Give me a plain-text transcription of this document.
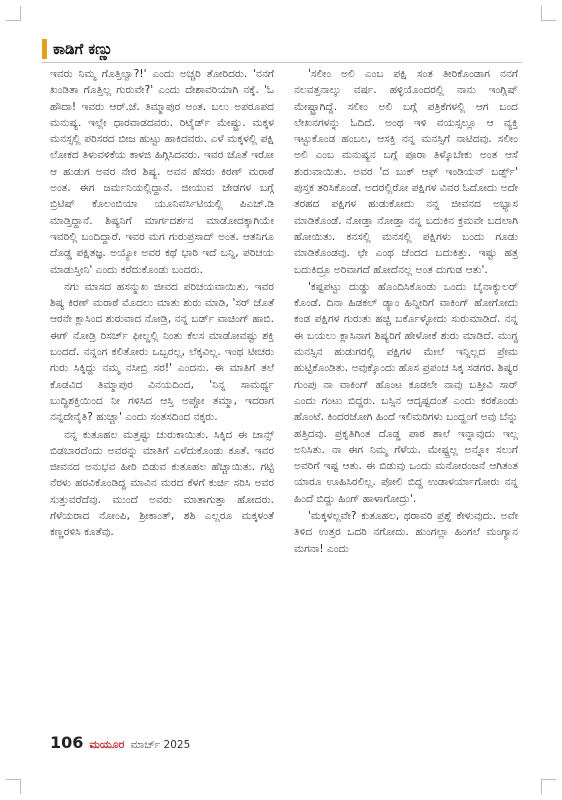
ಕಾಡಿಗೆ ಕಣ್ಣು

ಇವರು ನಿಮ್ಮ ಗೊತ್ತಿಲ್ವಾ?!' ಎಂದು ಅಚ್ಚರಿ ತೋರಿದರು. 'ನನಗೆ ಖಂಡಿತಾ ಗೊತ್ತಿಲ್ಲ ಗುರುವೇ?' ಎಂದು ದೇಶಾವರಿಯಾಗಿ ನಕ್ಕೆ. 'ಓ ಹೌದಾ! ಇವರು ಆರ್.ಜೆ. ತಿಮ್ಮಾಪುರ ಅಂತ. ಬಲು ಅಪರೂಪದ ಮನುಷ್ಯ. ಇಲ್ಲೇ ಧಾರವಾಡದವರು. ರಿಟೈರ್ಡ್ ಮೇಷ್ಟ್ರು. ಮಕ್ಕಳ ಮನಸ್ಸಲ್ಲಿ ಪರಿಸರದ ಬೀಜ ಹುಟ್ಟು ಹಾಕಿದವರು. ಎಳೆ ಮಕ್ಕಳಲ್ಲಿ ಪಕ್ಷಿ ಲೋಕದ ತಿಳುವಳಿಕೆಯ ಕಾಳಜಿ ಹಿಗ್ಗಿಸಿದವರು. ಇವರ ಜೊತೆ ಇರೋ ಆ ಹುಡುಗ ಅವರ ನೇರ ಶಿಷ್ಯ. ಅವನ ಹೆಸರು ಕಿರಣ್ ಮರಾಠೆ ಅಂತ. ಈಗ ಜರ್ಮನಿಯಲ್ಲಿದ್ದಾನೆ. ಜೀಯುವ ಜೇಡಗಳ ಬಗ್ಗೆ ಬ್ರಿಟಿಷ್ ಕೊಲಂಬಿಯಾ ಯೂನಿವರ್ಸಿಟಿಯಲ್ಲಿ ಪಿಎಚ್.ಡಿ ಮಾಡ್ತಿದ್ದಾನೆ. ಶಿಷ್ಯನಿಗೆ ಮಾರ್ಗದರ್ಶನ ಮಾಡೋದಕ್ಕಾಗಿಯೇ ಇವರಿಲ್ಲಿ ಬಂದಿದ್ದಾರೆ. ಇವರ ಮಗ ಗುರುಪ್ರಸಾದ್ ಅಂತ. ಆತನಿಗೂ ದೊಡ್ಡ ಪಕ್ಷಿತಜ್ಞ. ಅಯ್ಯೋ ಅವರ ಕಥೆ ಭಾರಿ ಇದೆ ಬನ್ನಿ, ಪರಿಚಯ ಮಾಡುಸ್ತೀನಿ' ಎಂದು ಕರೆದುಕೊಂಡು ಬಂದರು.

ನಗು ಮಾಸದ ಹಸನ್ಮುಖ ಜೀವದ ಪರಿಚಯವಾಯಿತು. ಇವರ ಶಿಷ್ಯ ಕಿರಣ್ ಮರಾಠೆ ಮೊದಲು ಮಾತು ಶುರು ಮಾಡಿ, 'ಸರ್ ಜೊತೆ ಆರನೇ ಕ್ಲಾಸಿಂದ ಶುರುವಾದ ನೋಡ್ರಿ, ನನ್ನ ಬರ್ಡ್ ವಾಚಿಂಗ್ ಹಾಬಿ. ಈಗ್ ನೋಡ್ರಿ ರಿಸರ್ಚ್ ಫೀಲ್ಡಲ್ಲಿ ನಿಂತು ಕೆಲಸ ಮಾಡೋವಷ್ಟು ಶಕ್ತಿ ಬಂದದೆ. ನನ್ನಂಗ ಕಲಿತೋರು ಒಬ್ಬರಲ್ಲ, ಲೆಕ್ಕವಿಲ್ಲ. ಇಂಥ ಟೀಚರು ಗುರು ಸಿಕ್ಕಿದ್ದು ನಮ್ಮ ನಸೀಬ್ರಿ ಸರ!' ಎಂದನು. ಈ ಮಾತಿಗೆ ತಲೆ ಕೊಡವಿದ ತಿಮ್ಮಾಪುರ ವಿನಯದಿಂದ, 'ನಿನ್ನ ಸಾಮರ್ಥ್ಯ ಬುದ್ಧಿಶಕ್ತಿಯಿಂದ ನೀ ಗಳಿಸಿದ ಆಸ್ತಿ ಅಪ್ಪೋ ತಮ್ಮಾ, ಇದರಾಗ ನನ್ನದೇನೈತಿ? ಹುಚ್ಚಾ' ಎಂದು ಸಂತಸದಿಂದ ನಕ್ಕರು.

ನನ್ನ ಕುತೂಹಲ ಮತ್ತಷ್ಟು ಚುರುಕಾಯಿತು. ಸಿಕ್ಕಿದ ಈ ಚಾನ್ಸ್ ಬಿಡಬಾರದೆಂದು ಅವರನ್ನು ಮಾತಿಗೆ ಎಳೆದುಕೊಂಡು ಕೂತೆ. ಇವರ ಜೀವನದ ಅನುಭವ ಹೀರಿ ಬಿಡುವ ಕುತೂಹಲ ಹೆಚ್ಚಾಯಿತು. ಗಟ್ಟಿ ನೆರಳು ಹರವಿಕೊಂಡಿದ್ದ ಮಾವಿನ ಮರದ ಕೆಳಗೆ ಕುರ್ಚಿ ಸರಿಸಿ ಅವರ ಸುತ್ತುವರೆದೆವು. ಮುಂದೆ ಅವರು ಮಾತಾಗುತ್ತಾ ಹೋದರು. ಗೆಳೆಯರಾದ ನೋಂಪಿ, ಶ್ರೀಕಾಂತ್, ಶಶಿ ಎಲ್ಲರೂ ಮಕ್ಕಳಂತೆ ಕಣ್ಣರಳಿಸಿ ಕೂತೆವು.

'ಸಲೀಂ ಅಲಿ ಎಂಬ ಪಕ್ಷಿ ಸಂತ ತೀರಿಕೊಂಡಾಗ ನನಗೆ ನಲವತ್ತನಾಲ್ಕು ವರ್ಷ. ಹಳ್ಳಿಯೊಂದರಲ್ಲಿ ನಾನು ಇಂಗ್ಲಿಷ್ ಮೇಷ್ಟ್ರಾಗಿದ್ದೆ. ಸಲೀಂ ಅಲಿ ಬಗ್ಗೆ ಪತ್ರಿಕೆಗಳಲ್ಲಿ ಆಗ ಬಂದ ಲೇಖನಗಳನ್ನು ಓದಿದೆ. ಅಂಥ ಇಳಿ ವಯಸ್ಸಲ್ಲೂ ಆ ವ್ಯಕ್ತಿ ಇಟ್ಟುಕೊಂಡ ಹಂಬಲ, ಆಸಕ್ತಿ ನನ್ನ ಮನಸ್ಸಿಗೆ ನಾಟಿದವು. ಸಲೀಂ ಅಲಿ ಎಂಬ ಮನುಷ್ಯನ ಬಗ್ಗೆ ಪೂರಾ ತಿಳ್ಕೊಬೇಕು ಅಂತ ಆಸೆ ಶುರುವಾಯಿತು. ಅವರ 'ದ ಬುಕ್ ಆಫ್ ಇಂಡಿಯನ್ ಬರ್ಡ್ಸ್' ಪುಸ್ತಕ ತರಿಸಿಕೊಂಡೆ. ಅದರಲ್ಲಿರೋ ಪಕ್ಷಿಗಳ ವಿವರ ಓದೋದು ಅದೇ ತರಹದ ಪಕ್ಷಿಗಳ ಹುಡುಕೋದು ನನ್ನ ಜೀವನದ ಅಭ್ಯಾಸ ಮಾಡಿಕೊಂಡೆ. ನೋಡ್ತಾ ನೋಡ್ತಾ ನನ್ನ ಬದುಕಿನ ಕ್ರಮವೇ ಬದಲಾಗಿ ಹೋಯಿತು. ಕನಸಲ್ಲಿ ಮನಸಲ್ಲಿ ಪಕ್ಷಿಗಳು ಬಂದು ಗೂಡು ಮಾಡಿಕೊಂಡವು. ಛೇ ಎಂಥ ಚೆಂದದ ಬದುಕಿತ್ತು. ಇಷ್ಟು ಹತ್ರ ಬದುಕಿದ್ರೂ ಅರಿವಾಗದೆ ಹೋದೆನಲ್ಲ ಅಂತ ದುಗುಡ ಆತು'.

'ಕಷ್ಟಪಟ್ಟು ದುಡ್ಡು ಹೊಂದಿಸಿಕೊಂಡು ಒಂದು ಬೈನಾಕ್ಯುಲರ್ ಕೊಂಡೆ. ದಿನಾ ಹಿಡಕಲ್ ಡ್ಯಾಂ ಹಿನ್ನೀರಿಗೆ ವಾಕಿಂಗ್ ಹೋಗೋದು ಕಂಡ ಪಕ್ಷಿಗಳ ಗುರುತು ಹಚ್ಚಿ ಬರ್ಕೊಳ್ಳೋದು ಸುರುಮಾಡಿದೆ. ನನ್ನ ಈ ಬಯಲು ಕ್ಲಾಸಿನಾಗ ಶಿಷ್ಯರಿಗೆ ಹೇಳೋಕೆ ಶುರು ಮಾಡಿದೆ. ಮುಗ್ಧ ಮನಸ್ಸಿನ ಹುಡುಗರಲ್ಲಿ ಪಕ್ಷಿಗಳ ಮೇಲೆ ಇನ್ನಿಲ್ಲದ ಪ್ರೇಮ ಹುಟ್ಟಿಕೊಂಡಿತು. ಅವುಕ್ಕೊಂದು ಹೊಸ ಪ್ರಪಂಚ ಸಿಕ್ಕ ಸಡಗರ. ಶಿಷ್ಯರ ಗುಂಪು ನಾ ವಾಕಿಂಗ್ ಹೊಂಟ ಕೂಡಲೇ ನಾವು ಬತ್ತೀವಿ ಸಾರ್ ಎಂದು ಗಂಟು ಬಿದ್ದರು. ಬಸ್ಸಿನ ಆದೃಷ್ಟದಂತೆ ಎಂದು ಕರಕೊಂಡು ಹೊಂಟೆ. ಕಿಂದರಜೋಗಿ ಹಿಂದೆ ಇಲಿಮರಿಗಳು ಬಂದ್ಹಂಗೆ ಅವು ಬೆನ್ನು ಹತ್ತಿದವು. ಪ್ರಕೃತಿಗಿಂತ ದೊಡ್ಡ ಪಾಠ ಶಾಲೆ ಇನ್ನಾವುದು ಇಲ್ಲ ಅನಿಸಿತು. ನಾ ಈಗ ನಿಮ್ಮ ಗೆಳೆಯ. ಮೇಷ್ಟ್ರಲ್ಲ ಅನ್ನೋ ಸಲುಗೆ ಅವರಿಗೆ ಇಷ್ಟ ಆತು. ಈ ಬಿಡುವು ಒಂದು ಮನೋರಂಜನೆ ಆಗಿತಂತ ಯಾರೂ ಊಹಿಸಿರಲಿಲ್ಲ. ಪೋಲಿ ಬಿದ್ದ ಉಡಾಳರ್ಯಾಗೋರು ನನ್ನ ಹಿಂದೆ ಬಿದ್ದು ಹಿಂಗ್ ಹಾಳಾಗೋದ್ರು'.

'ಮಕ್ಕಳಲ್ಲವೇ? ಕುತೂಹಲ, ಥರಾವರಿ ಪ್ರಶ್ನೆ ಕೇಳುವುದು. ಅವೇ ತಿಳಿದ ಉತ್ತರ ಒದರಿ ನಗೋದು. ಹುಂಗಲ್ಲಾ ಹಿಂಗಲೆ ಮಂಗ್ಯಾನ ಮಗನಾ! ಎಂದು

106 ಮಯೂರ ಮಾರ್ಚ್ 2025
